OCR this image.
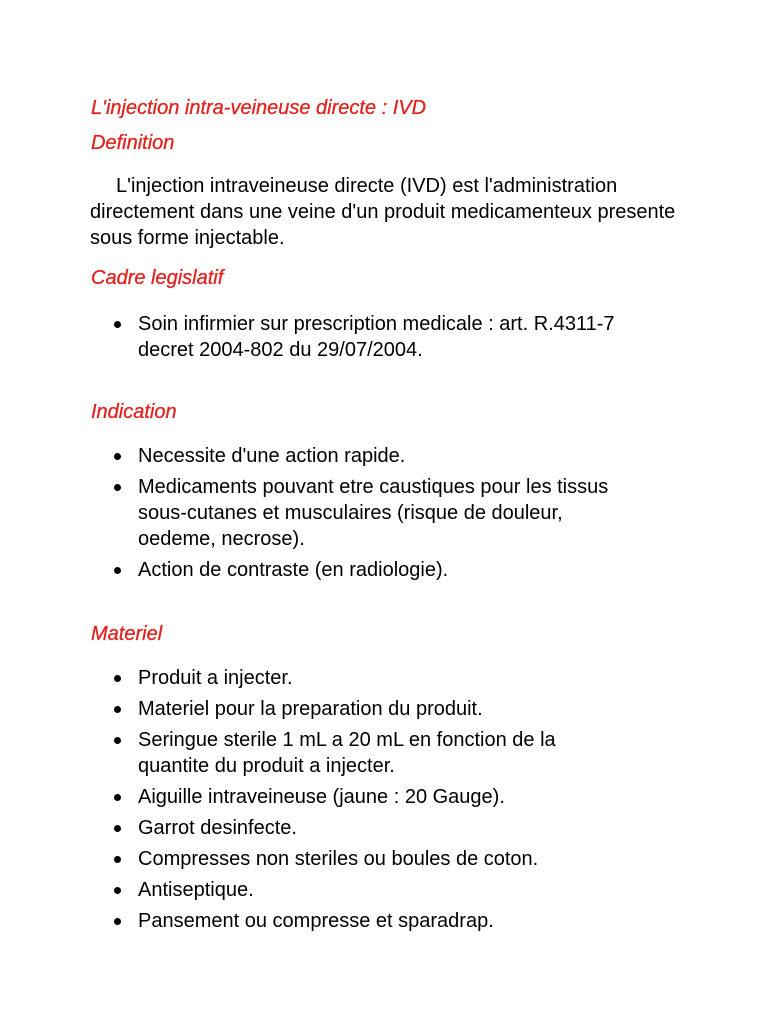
L'injection intra-veineuse directe : IVD
Definition

L'injection intraveineuse directe (IVD) est l'administration directement dans une veine d'un produit medicamenteux presente sous forme injectable.

Cadre legislatif
Soin infirmier sur prescription medicale : art. R.4311-7 decret 2004-802 du 29/07/2004.
Indication
Necessite d'une action rapide.
Medicaments pouvant etre caustiques pour les tissus sous-cutanes et musculaires (risque de douleur, oedeme, necrose).
Action de contraste (en radiologie).
Materiel
Produit a injecter.
Materiel pour la preparation du produit.
Seringue sterile 1 mL a 20 mL en fonction de la quantite du produit a injecter.
Aiguille intraveineuse (jaune : 20 Gauge).
Garrot desinfecte.
Compresses non steriles ou boules de coton.
Antiseptique.
Pansement ou compresse et sparadrap.
